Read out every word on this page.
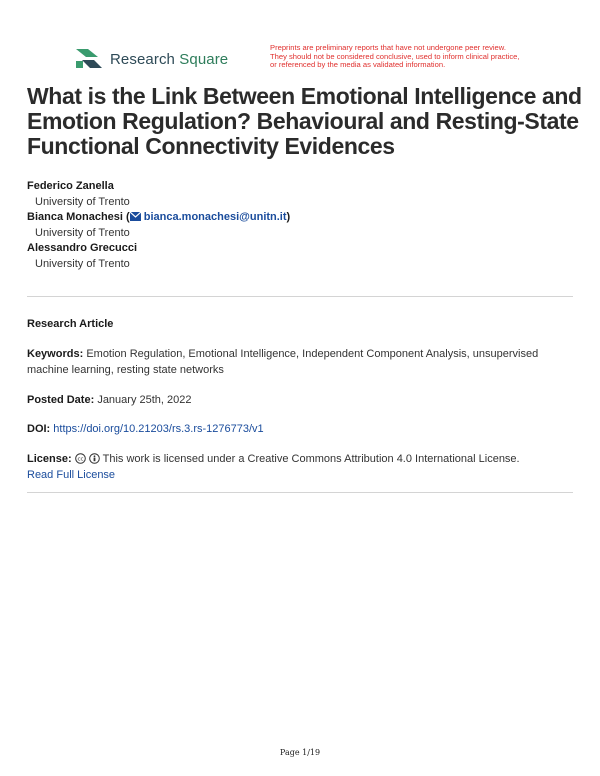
Research Square
Preprints are preliminary reports that have not undergone peer review.
They should not be considered conclusive, used to inform clinical practice,
or referenced by the media as validated information.
What is the Link Between Emotional Intelligence and Emotion Regulation? Behavioural and Resting-State Functional Connectivity Evidences
Federico Zanella
University of Trento
Bianca Monachesi ( bianca.monachesi@unitn.it)
University of Trento
Alessandro Grecucci
University of Trento
Research Article
Keywords: Emotion Regulation, Emotional Intelligence, Independent Component Analysis, unsupervised machine learning, resting state networks
Posted Date: January 25th, 2022
DOI: https://doi.org/10.21203/rs.3.rs-1276773/v1
License: cc This work is licensed under a Creative Commons Attribution 4.0 International License.
Read Full License
Page 1/19
